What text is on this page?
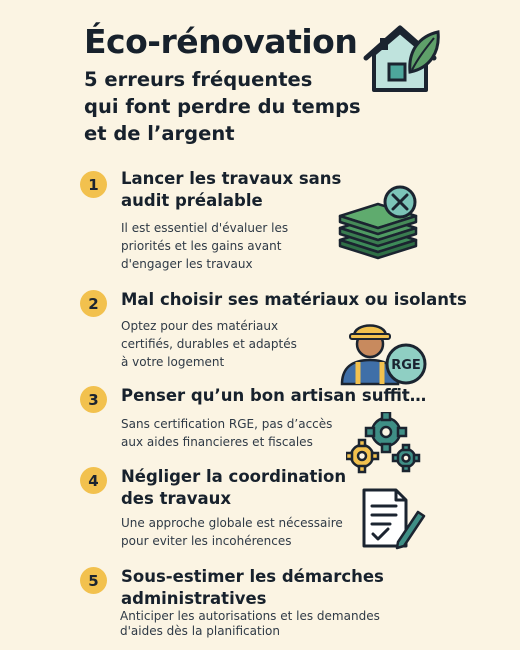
Éco-rénovation
5 erreurs fréquentes
qui font perdre du temps
et de l’argent
1	Lancer les travaux sans
audit préalable
Il est essentiel d'évaluer les
priorités et les gains avant
d'engager les travaux
2	Mal choisir ses matériaux ou isolants
Optez pour des matériaux
certifiés, durables et adaptés
à votre logement	RGE
3	Penser qu’un bon artisan suffit…
Sans certification RGE, pas d’accès
aux aides financieres et fiscales
4	Négliger la coordination
des travaux
Une approche globale est nécessaire
pour eviter les incohérences
5	Sous-estimer les démarches
administratives
Anticiper les autorisations et les demandes
d'aides dès la planification
